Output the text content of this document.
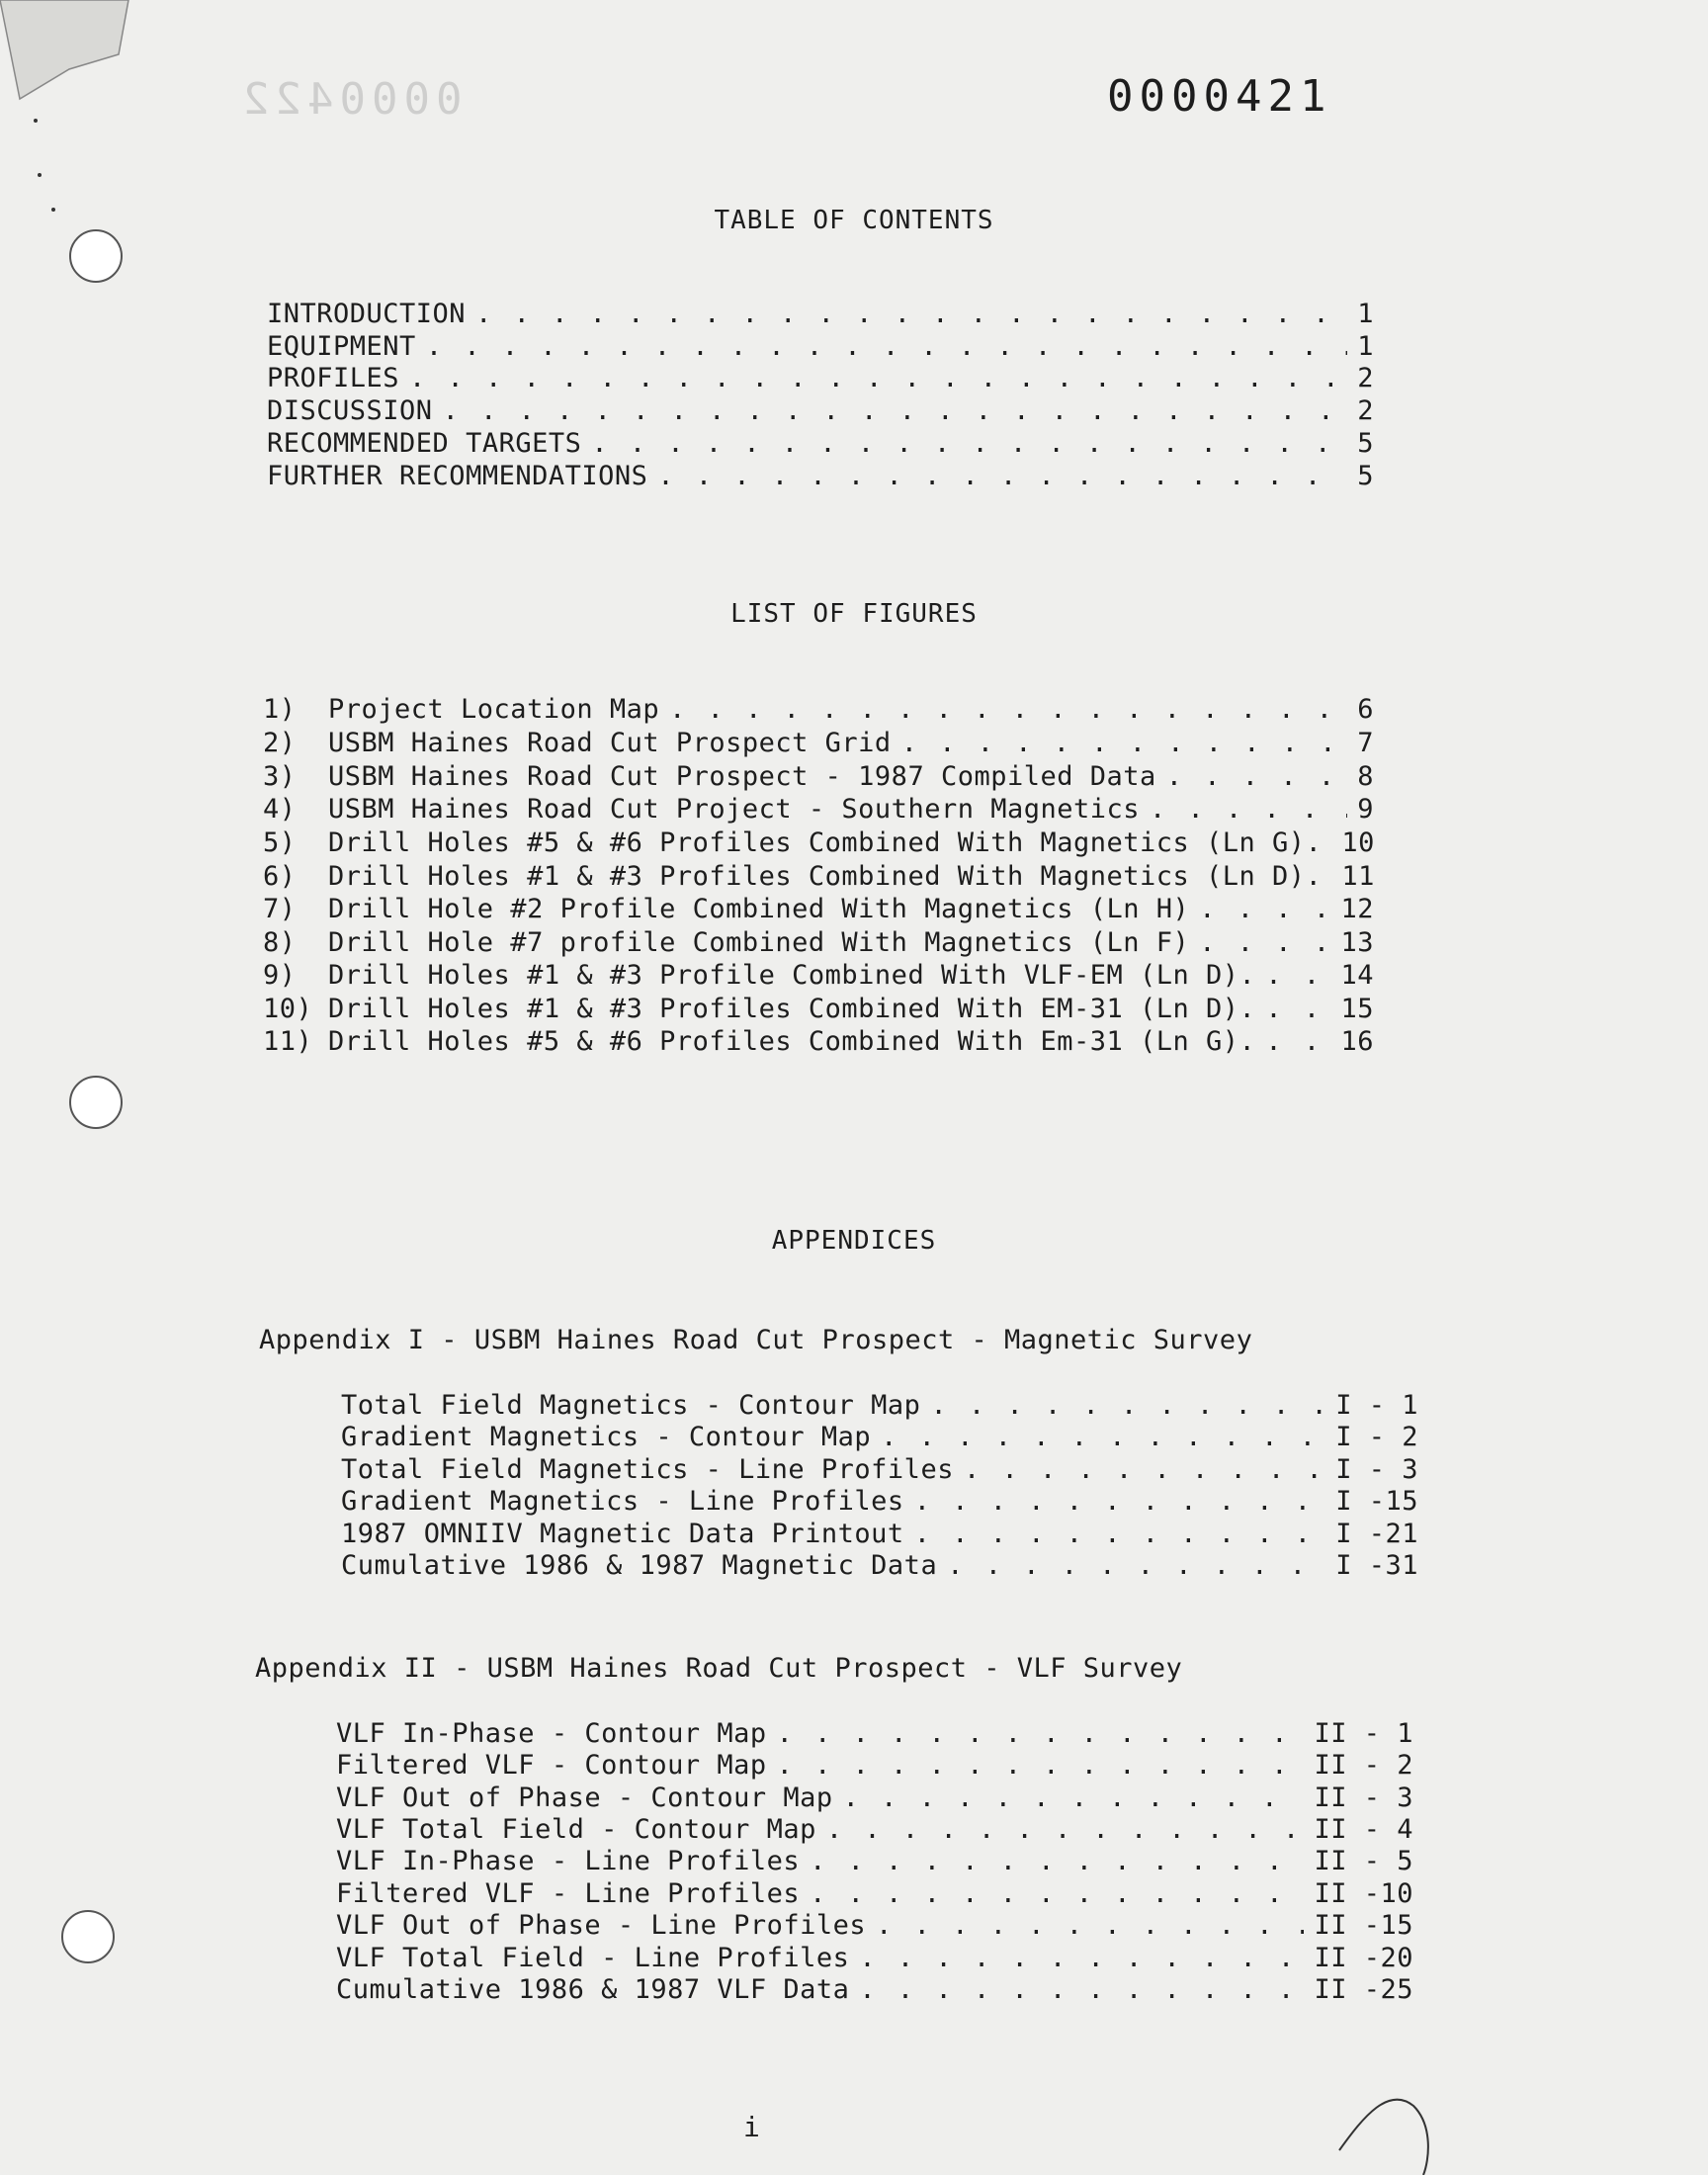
0000422	0000421
TABLE OF CONTENTS
INTRODUCTION . . .	1
EQUIPMENT . . .	1
PROFILES . . .	2
DISCUSSION . . .	2
RECOMMENDED TARGETS . . .	5
FURTHER RECOMMENDATIONS . . .	5
LIST OF FIGURES
1)	Project Location Map . . .	6
2)	USBM Haines Road Cut Prospect Grid . . .	7
3)	USBM Haines Road Cut Prospect - 1987 Compiled Data . . .	8
4)	USBM Haines Road Cut Project - Southern Magnetics . . .	9
5)	Drill Holes #5 & #6 Profiles Combined With Magnetics (Ln G). 10
6)	Drill Holes #1 & #3 Profiles Combined With Magnetics (Ln D). 11
7)	Drill Hole #2 Profile Combined With Magnetics (Ln H) . . .	12
8)	Drill Hole #7 profile Combined With Magnetics (Ln F) . . .	13
9)	Drill Holes #1 & #3 Profile Combined With VLF-EM (Ln D). . . .	14
10) Drill Holes #1 & #3 Profiles Combined With EM-31 (Ln D). . . .	15
11) Drill Holes #5 & #6 Profiles Combined With Em-31 (Ln G). . . .	16
APPENDICES
Appendix I - USBM Haines Road Cut Prospect - Magnetic Survey
Total Field Magnetics - Contour Map . . .	I - 1
Gradient Magnetics - Contour Map . . .	I - 2
Total Field Magnetics - Line Profiles . . .	I - 3
Gradient Magnetics - Line Profiles . . .	I -15
1987 OMNIIV Magnetic Data Printout . . .	I -21
Cumulative 1986 & 1987 Magnetic Data . . .	I -31
Appendix II - USBM Haines Road Cut Prospect - VLF Survey
VLF In-Phase - Contour Map . . .	II - 1
Filtered VLF - Contour Map . . .	II - 2
VLF Out of Phase - Contour Map . . .	II - 3
VLF Total Field - Contour Map . . .	II - 4
VLF In-Phase - Line Profiles . . .	II - 5
Filtered VLF - Line Profiles . . .	II -10
VLF Out of Phase - Line Profiles . . .	II -15
VLF Total Field - Line Profiles . . .	II -20
Cumulative 1986 & 1987 VLF Data . . .	II -25
i
